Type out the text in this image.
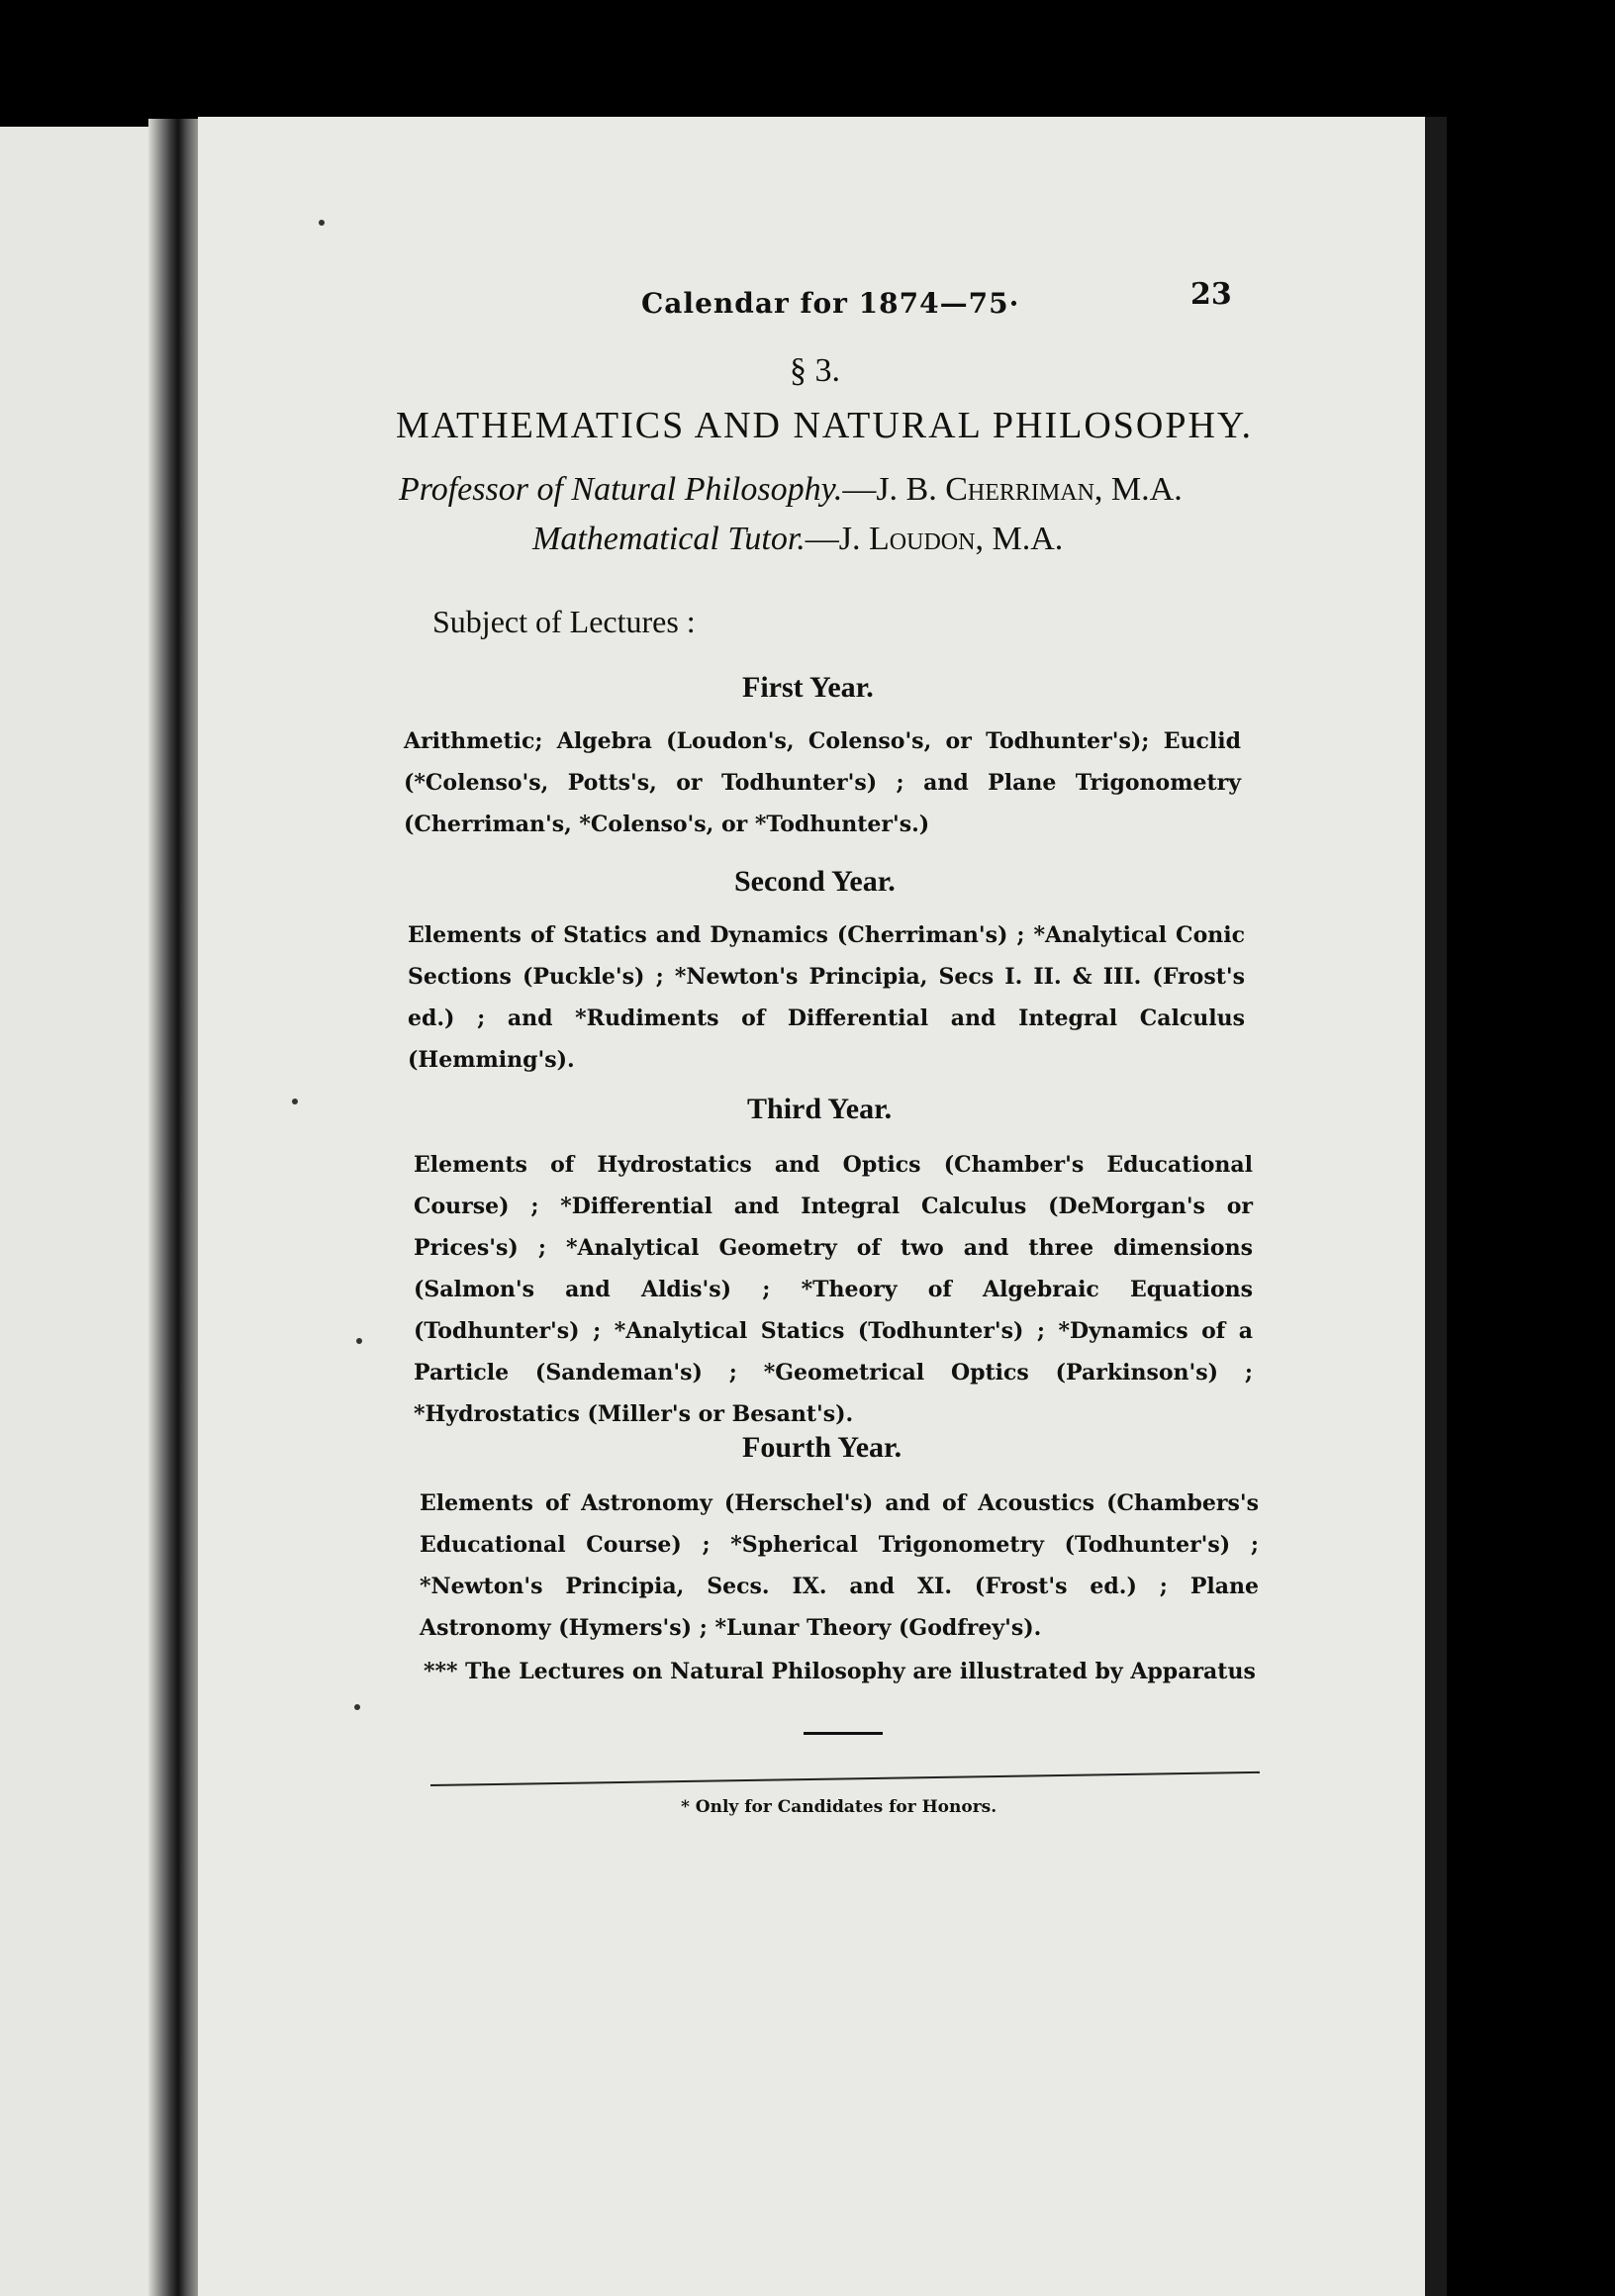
Calendar for 1874—75·	23
§ 3.
MATHEMATICS AND NATURAL PHILOSOPHY.
Professor of Natural Philosophy.—J. B. Cherriman, M.A.
Mathematical Tutor.—J. Loudon, M.A.
Subject of Lectures :
First Year.
Arithmetic; Algebra (Loudon's, Colenso's, or Todhunter's); Euclid (*Colenso's, Potts's, or Todhunter's) ; and Plane Trigonometry (Cherriman's, *Colenso's, or *Todhunter's.)
Second Year.
Elements of Statics and Dynamics (Cherriman's) ; *Analytical Conic Sections (Puckle's) ; *Newton's Principia, Secs I. II. & III. (Frost's ed.) ; and *Rudiments of Differential and Integral Calculus (Hemming's).
Third Year.
Elements of Hydrostatics and Optics (Chamber's Educational Course) ; *Differential and Integral Calculus (DeMorgan's or Prices's) ; *Analytical Geometry of two and three dimensions (Salmon's and Aldis's) ; *Theory of Algebraic Equations (Todhunter's) ; *Analytical Statics (Todhunter's) ; *Dynamics of a Particle (Sandeman's) ; *Geometrical Optics (Parkinson's) ; *Hydrostatics (Miller's or Besant's).
Fourth Year.
Elements of Astronomy (Herschel's) and of Acoustics (Chambers's Educational Course) ; *Spherical Trigonometry (Todhunter's) ; *Newton's Principia, Secs. IX. and XI. (Frost's ed.) ; Plane Astronomy (Hymers's) ; *Lunar Theory (Godfrey's).
*** The Lectures on Natural Philosophy are illustrated by Apparatus
* Only for Candidates for Honors.
